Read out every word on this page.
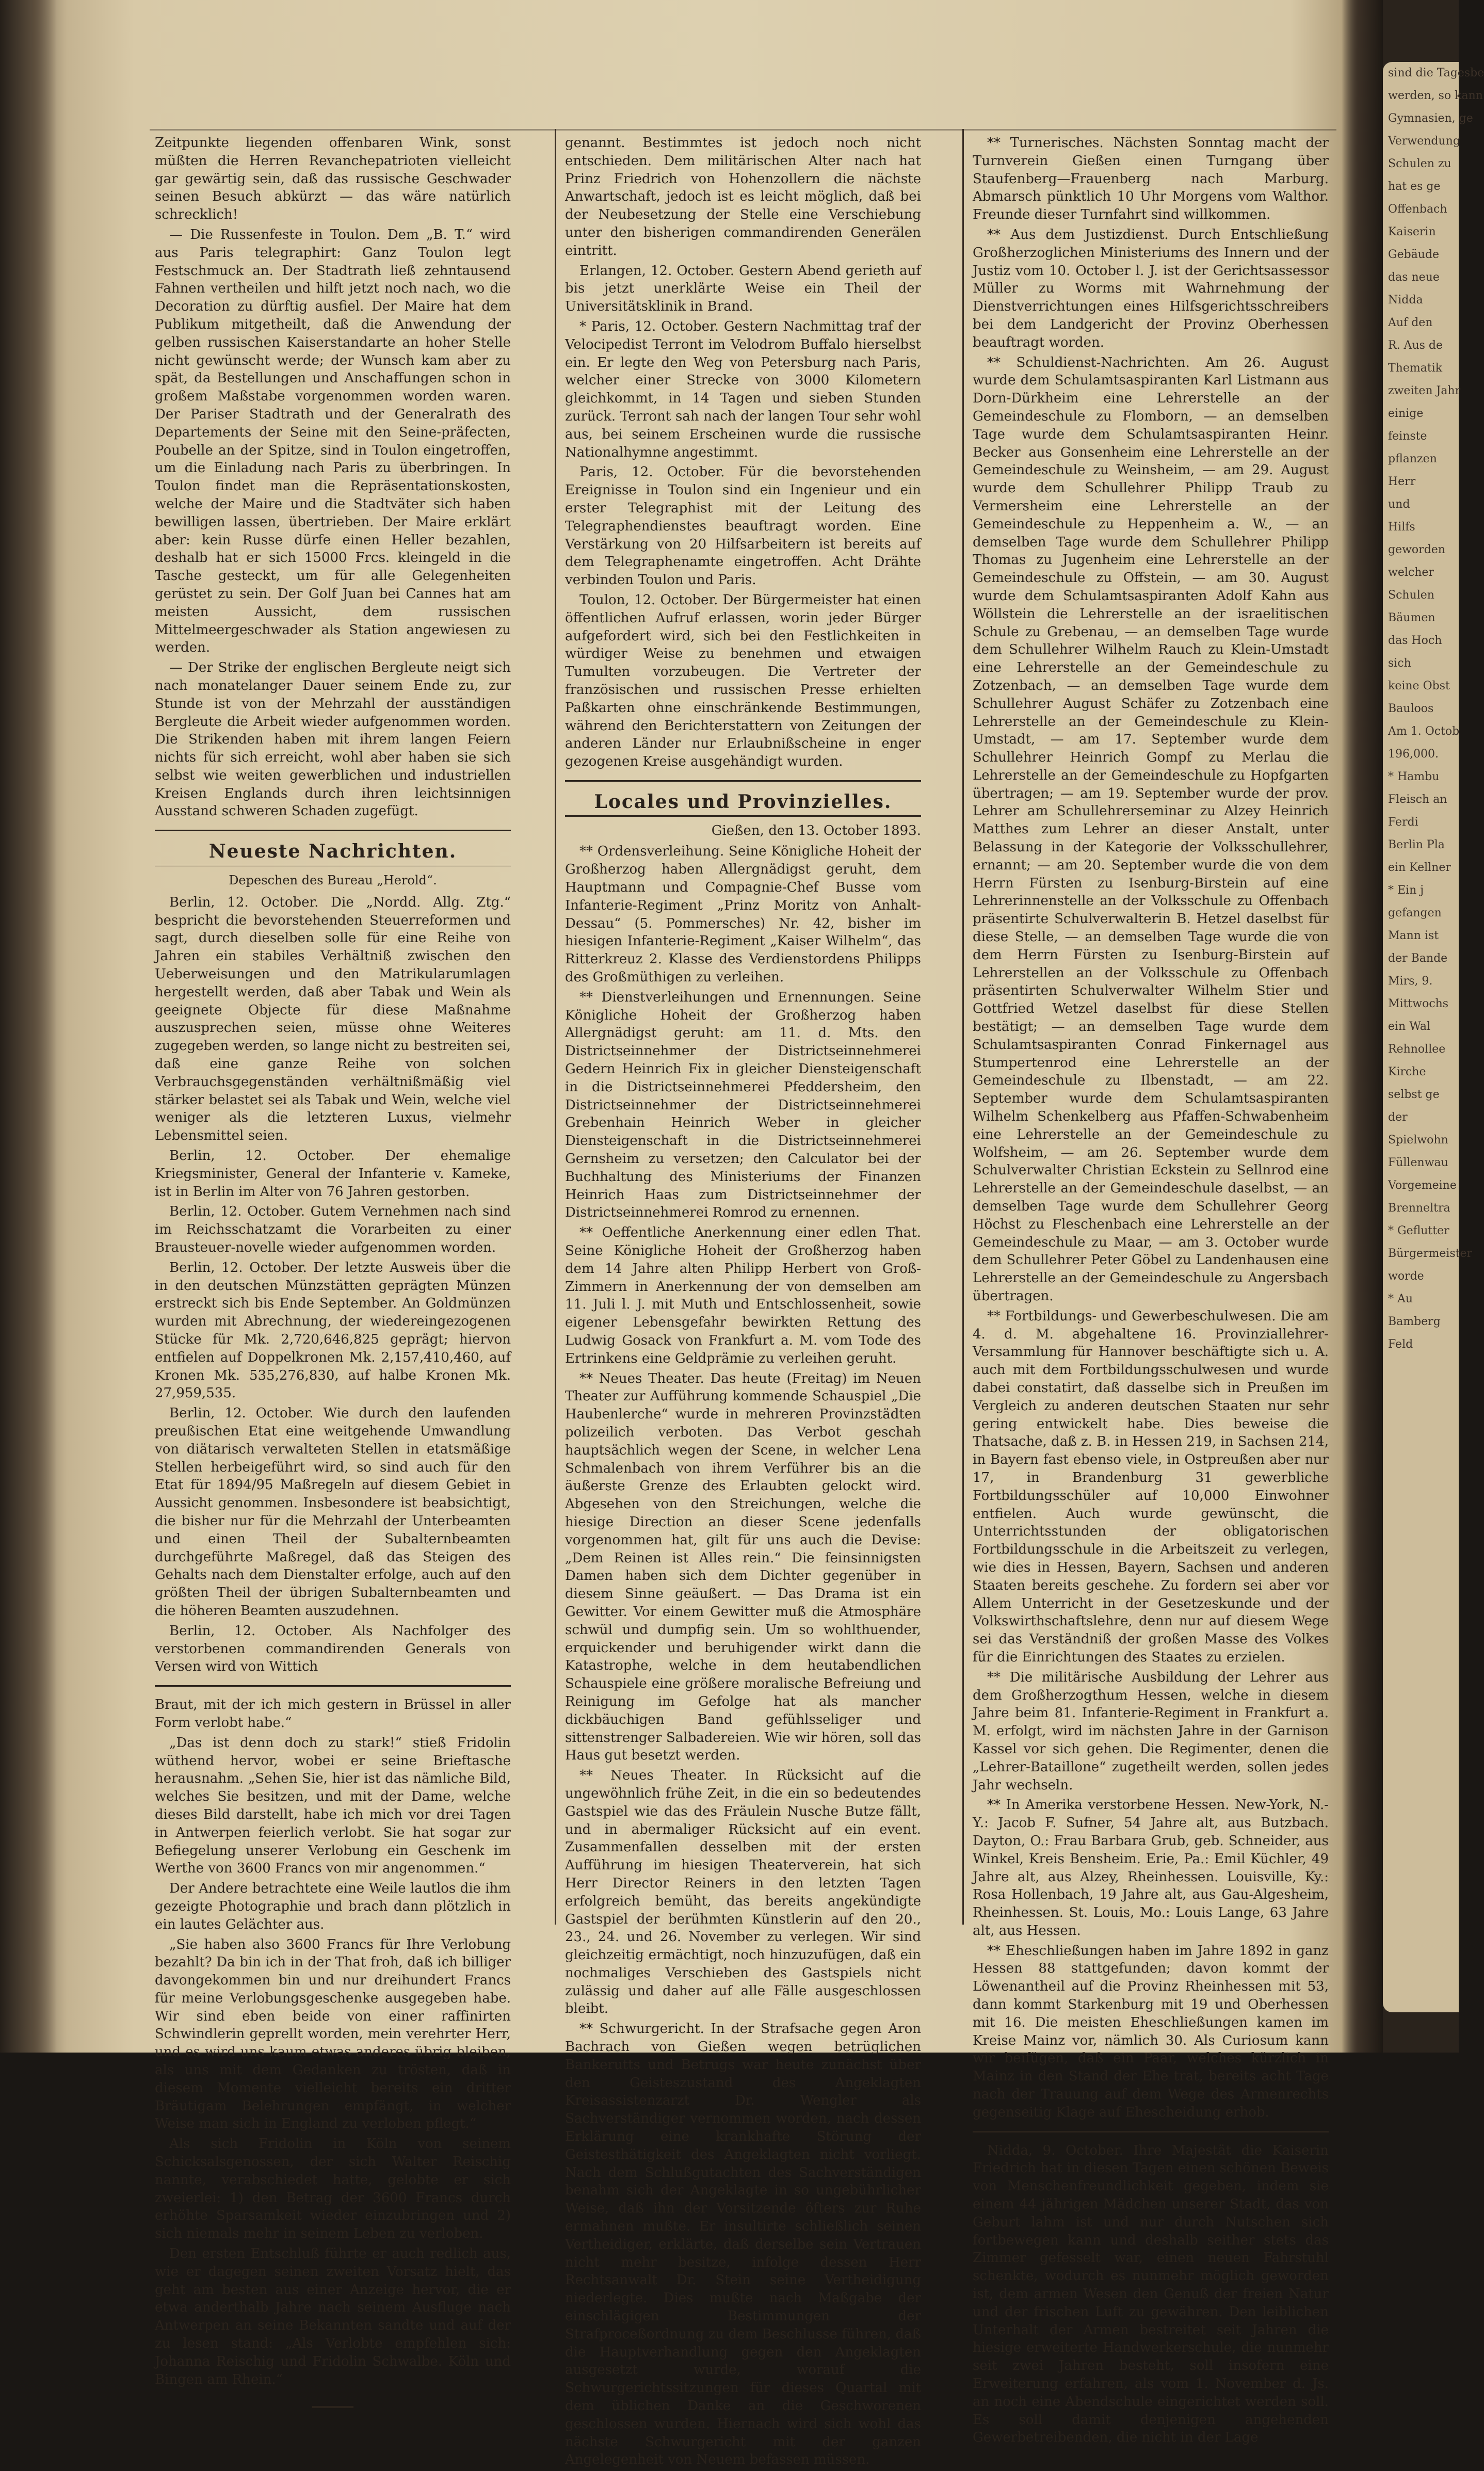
Zeitpunkte liegenden offenbaren Wink, sonst müßten die Herren Revanchepatrioten vielleicht gar gewärtig sein, daß das russische Geschwader seinen Besuch abkürzt — das wäre natürlich schrecklich!

— Die Russenfeste in Toulon. Dem „B. T.“ wird aus Paris telegraphirt: Ganz Toulon legt Festschmuck an. Der Stadtrath ließ zehntausend Fahnen vertheilen und hilft jetzt noch nach, wo die Decoration zu dürftig ausfiel. Der Maire hat dem Publikum mitgetheilt, daß die Anwendung der gelben russischen Kaiserstandarte an hoher Stelle nicht gewünscht werde; der Wunsch kam aber zu spät, da Bestellungen und Anschaffungen schon in großem Maßstabe vorgenommen worden waren. Der Pariser Stadtrath und der Generalrath des Departements der Seine mit den Seine-präfecten, Poubelle an der Spitze, sind in Toulon eingetroffen, um die Einladung nach Paris zu überbringen. In Toulon findet man die Repräsentationskosten, welche der Maire und die Stadtväter sich haben bewilligen lassen, übertrieben. Der Maire erklärt aber: kein Russe dürfe einen Heller bezahlen, deshalb hat er sich 15000 Frcs. kleingeld in die Tasche gesteckt, um für alle Gelegenheiten gerüstet zu sein. Der Golf Juan bei Cannes hat am meisten Aussicht, dem russischen Mittelmeergeschwader als Station angewiesen zu werden.

— Der Strike der englischen Bergleute neigt sich nach monatelanger Dauer seinem Ende zu, zur Stunde ist von der Mehrzahl der ausständigen Bergleute die Arbeit wieder aufgenommen worden. Die Strikenden haben mit ihrem langen Feiern nichts für sich erreicht, wohl aber haben sie sich selbst wie weiten gewerblichen und industriellen Kreisen Englands durch ihren leichtsinnigen Ausstand schweren Schaden zugefügt.

Neueste Nachrichten.
Depeschen des Bureau „Herold“.

Berlin, 12. October. Die „Nordd. Allg. Ztg.“ bespricht die bevorstehenden Steuerreformen und sagt, durch dieselben solle für eine Reihe von Jahren ein stabiles Verhältniß zwischen den Ueberweisungen und den Matrikularumlagen hergestellt werden, daß aber Tabak und Wein als geeignete Objecte für diese Maßnahme auszusprechen seien, müsse ohne Weiteres zugegeben werden, so lange nicht zu bestreiten sei, daß eine ganze Reihe von solchen Verbrauchsgegenständen verhältnißmäßig viel stärker belastet sei als Tabak und Wein, welche viel weniger als die letzteren Luxus, vielmehr Lebensmittel seien.

Berlin, 12. October. Der ehemalige Kriegsminister, General der Infanterie v. Kameke, ist in Berlin im Alter von 76 Jahren gestorben.

Berlin, 12. October. Gutem Vernehmen nach sind im Reichsschatzamt die Vorarbeiten zu einer Brausteuer-novelle wieder aufgenommen worden.

Berlin, 12. October. Der letzte Ausweis über die in den deutschen Münzstätten geprägten Münzen erstreckt sich bis Ende September. An Goldmünzen wurden mit Abrechnung, der wiedereingezogenen Stücke für Mk. 2,720,646,825 geprägt; hiervon entfielen auf Doppelkronen Mk. 2,157,410,460, auf Kronen Mk. 535,276,830, auf halbe Kronen Mk. 27,959,535.

Berlin, 12. October. Wie durch den laufenden preußischen Etat eine weitgehende Umwandlung von diätarisch verwalteten Stellen in etatsmäßige Stellen herbeigeführt wird, so sind auch für den Etat für 1894/95 Maßregeln auf diesem Gebiet in Aussicht genommen. Insbesondere ist beabsichtigt, die bisher nur für die Mehrzahl der Unterbeamten und einen Theil der Subalternbeamten durchgeführte Maßregel, daß das Steigen des Gehalts nach dem Dienstalter erfolge, auch auf den größten Theil der übrigen Subalternbeamten und die höheren Beamten auszudehnen.

Berlin, 12. October. Als Nachfolger des verstorbenen commandirenden Generals von Versen wird von Wittich

Braut, mit der ich mich gestern in Brüssel in aller Form verlobt habe.“

„Das ist denn doch zu stark!“ stieß Fridolin wüthend hervor, wobei er seine Brieftasche herausnahm. „Sehen Sie, hier ist das nämliche Bild, welches Sie besitzen, und mit der Dame, welche dieses Bild darstellt, habe ich mich vor drei Tagen in Antwerpen feierlich verlobt. Sie hat sogar zur Befiegelung unserer Verlobung ein Geschenk im Werthe von 3600 Francs von mir angenommen.“

Der Andere betrachtete eine Weile lautlos die ihm gezeigte Photographie und brach dann plötzlich in ein lautes Gelächter aus.

„Sie haben also 3600 Francs für Ihre Verlobung bezahlt? Da bin ich in der That froh, daß ich billiger davongekommen bin und nur dreihundert Francs für meine Verlobungsgeschenke ausgegeben habe. Wir sind eben beide von einer raffinirten Schwindlerin geprellt worden, mein verehrter Herr, und es wird uns kaum etwas anderes übrig bleiben, als uns mit dem Gedanken zu trösten, daß in diesem Momente vielleicht bereits ein dritter Bräutigam Belehrungen empfängt, in welcher Weise man sich in England zu verloben pflegt.“

Als sich Fridolin in Köln von seinem Schicksalsgenossen, der sich Walter Reischig nannte, verabschiedet hatte, gelobte er sich zweierlei: 1) den Betrag der 3600 Francs durch erhöhte Sparsamkeit wieder einzubringen und 2) sich niemals mehr in seinem Leben zu verloben.

Den ersten Entschluß führte er auch redlich aus, wie er dagegen seinen zweiten Vorsatz hielt, das geht am besten aus einer Anzeige hervor, die er etwa anderthalb Jahre nach seinem Ausfluge nach Antwerpen an seine Bekannten sandte und auf der zu lesen stand: „Als Verlobte empfehlen sich: Johanna Reischig und Fridolin Schwalbe. Köln und Bingen am Rhein.“

genannt. Bestimmtes ist jedoch noch nicht entschieden. Dem militärischen Alter nach hat Prinz Friedrich von Hohenzollern die nächste Anwartschaft, jedoch ist es leicht möglich, daß bei der Neubesetzung der Stelle eine Verschiebung unter den bisherigen commandirenden Generälen eintritt.

Erlangen, 12. October. Gestern Abend gerieth auf bis jetzt unerklärte Weise ein Theil der Universitätsklinik in Brand.

* Paris, 12. October. Gestern Nachmittag traf der Velocipedist Terront im Velodrom Buffalo hierselbst ein. Er legte den Weg von Petersburg nach Paris, welcher einer Strecke von 3000 Kilometern gleichkommt, in 14 Tagen und sieben Stunden zurück. Terront sah nach der langen Tour sehr wohl aus, bei seinem Erscheinen wurde die russische Nationalhymne angestimmt.

Paris, 12. October. Für die bevorstehenden Ereignisse in Toulon sind ein Ingenieur und ein erster Telegraphist mit der Leitung des Telegraphendienstes beauftragt worden. Eine Verstärkung von 20 Hilfsarbeitern ist bereits auf dem Telegraphenamte eingetroffen. Acht Drähte verbinden Toulon und Paris.

Toulon, 12. October. Der Bürgermeister hat einen öffentlichen Aufruf erlassen, worin jeder Bürger aufgefordert wird, sich bei den Festlichkeiten in würdiger Weise zu benehmen und etwaigen Tumulten vorzubeugen. Die Vertreter der französischen und russischen Presse erhielten Paßkarten ohne einschränkende Bestimmungen, während den Berichterstattern von Zeitungen der anderen Länder nur Erlaubnißscheine in enger gezogenen Kreise ausgehändigt wurden.

Locales und Provinzielles.
Gießen, den 13. October 1893.

** Ordensverleihung. Seine Königliche Hoheit der Großherzog haben Allergnädigst geruht, dem Hauptmann und Compagnie-Chef Busse vom Infanterie-Regiment „Prinz Moritz von Anhalt-Dessau“ (5. Pommersches) Nr. 42, bisher im hiesigen Infanterie-Regiment „Kaiser Wilhelm“, das Ritterkreuz 2. Klasse des Verdienstordens Philipps des Großmüthigen zu verleihen.

** Dienstverleihungen und Ernennungen. Seine Königliche Hoheit der Großherzog haben Allergnädigst geruht: am 11. d. Mts. den Districtseinnehmer der Districtseinnehmerei Gedern Heinrich Fix in gleicher Diensteigenschaft in die Districtseinnehmerei Pfeddersheim, den Districtseinnehmer der Districtseinnehmerei Grebenhain Heinrich Weber in gleicher Diensteigenschaft in die Districtseinnehmerei Gernsheim zu versetzen; den Calculator bei der Buchhaltung des Ministeriums der Finanzen Heinrich Haas zum Districtseinnehmer der Districtseinnehmerei Romrod zu ernennen.

** Oeffentliche Anerkennung einer edlen That. Seine Königliche Hoheit der Großherzog haben dem 14 Jahre alten Philipp Herbert von Groß-Zimmern in Anerkennung der von demselben am 11. Juli l. J. mit Muth und Entschlossenheit, sowie eigener Lebensgefahr bewirkten Rettung des Ludwig Gosack von Frankfurt a. M. vom Tode des Ertrinkens eine Geldprämie zu verleihen geruht.

** Neues Theater. Das heute (Freitag) im Neuen Theater zur Aufführung kommende Schauspiel „Die Haubenlerche“ wurde in mehreren Provinzstädten polizeilich verboten. Das Verbot geschah hauptsächlich wegen der Scene, in welcher Lena Schmalenbach von ihrem Verführer bis an die äußerste Grenze des Erlaubten gelockt wird. Abgesehen von den Streichungen, welche die hiesige Direction an dieser Scene jedenfalls vorgenommen hat, gilt für uns auch die Devise: „Dem Reinen ist Alles rein.“ Die feinsinnigsten Damen haben sich dem Dichter gegenüber in diesem Sinne geäußert. — Das Drama ist ein Gewitter. Vor einem Gewitter muß die Atmosphäre schwül und dumpfig sein. Um so wohlthuender, erquickender und beruhigender wirkt dann die Katastrophe, welche in dem heutabendlichen Schauspiele eine größere moralische Befreiung und Reinigung im Gefolge hat als mancher dickbäuchigen Band gefühlsseliger und sittenstrenger Salbadereien. Wie wir hören, soll das Haus gut besetzt werden.

** Neues Theater. In Rücksicht auf die ungewöhnlich frühe Zeit, in die ein so bedeutendes Gastspiel wie das des Fräulein Nusche Butze fällt, und in abermaliger Rücksicht auf ein event. Zusammenfallen desselben mit der ersten Aufführung im hiesigen Theaterverein, hat sich Herr Director Reiners in den letzten Tagen erfolgreich bemüht, das bereits angekündigte Gastspiel der berühmten Künstlerin auf den 20., 23., 24. und 26. November zu verlegen. Wir sind gleichzeitig ermächtigt, noch hinzuzufügen, daß ein nochmaliges Verschieben des Gastspiels nicht zulässig und daher auf alle Fälle ausgeschlossen bleibt.

** Schwurgericht. In der Strafsache gegen Aron Bachrach von Gießen wegen betrüglichen Bankerutts und Betrugs war heute zunächst über den Geisteszustand des Angeklagten Kreisassistenzarzt Dr. Wengler als Sachverständiger vernommen worden, nach dessen Erklärung eine krankhafte Störung der Geistesthätigkeit des Angeklagten nicht vorliegt. Nach dem Schlußgutachten des Sachverständigen benahm sich der Angeklagte in so ungebührlicher Weise, daß ihn der Vorsitzende öfters zur Ruhe ermahnen mußte. Er insultirte schließlich seinen Vertheidiger, erklärte, daß derselbe sein Vertrauen nicht mehr besitze, infolge dessen Herr Rechtsanwalt Dr. Stein seine Vertheidigung niederlegte. Dies mußte nach Maßgabe der einschlägigen Bestimmungen der Strafproceßordnung zu dem Beschlusse führen, daß die Hauptverhandlung gegen den Angeklagten ausgesetzt wurde, worauf die Schwurgerichtssitzungen für dieses Quartal mit dem üblichen Danke an die Geschworenen geschlossen wurden. Hiernach wird sich wohl das nächste Schwurgericht mit der ganzen Angelegenheit von Neuem befassen müssen.

** Turnerisches. Nächsten Sonntag macht der Turnverein Gießen einen Turngang über Staufenberg—Frauenberg nach Marburg. Abmarsch pünktlich 10 Uhr Morgens vom Walthor. Freunde dieser Turnfahrt sind willkommen.

** Aus dem Justizdienst. Durch Entschließung Großherzoglichen Ministeriums des Innern und der Justiz vom 10. October l. J. ist der Gerichtsassessor Müller zu Worms mit Wahrnehmung der Dienstverrichtungen eines Hilfsgerichtsschreibers bei dem Landgericht der Provinz Oberhessen beauftragt worden.

** Schuldienst-Nachrichten. Am 26. August wurde dem Schulamtsaspiranten Karl Listmann aus Dorn-Dürkheim eine Lehrerstelle an der Gemeindeschule zu Flomborn, — an demselben Tage wurde dem Schulamtsaspiranten Heinr. Becker aus Gonsenheim eine Lehrerstelle an der Gemeindeschule zu Weinsheim, — am 29. August wurde dem Schullehrer Philipp Traub zu Vermersheim eine Lehrerstelle an der Gemeindeschule zu Heppenheim a. W., — an demselben Tage wurde dem Schullehrer Philipp Thomas zu Jugenheim eine Lehrerstelle an der Gemeindeschule zu Offstein, — am 30. August wurde dem Schulamtsaspiranten Adolf Kahn aus Wöllstein die Lehrerstelle an der israelitischen Schule zu Grebenau, — an demselben Tage wurde dem Schullehrer Wilhelm Rauch zu Klein-Umstadt eine Lehrerstelle an der Gemeindeschule zu Zotzenbach, — an demselben Tage wurde dem Schullehrer August Schäfer zu Zotzenbach eine Lehrerstelle an der Gemeindeschule zu Klein-Umstadt, — am 17. September wurde dem Schullehrer Heinrich Gompf zu Merlau die Lehrerstelle an der Gemeindeschule zu Hopfgarten übertragen; — am 19. September wurde der prov. Lehrer am Schullehrerseminar zu Alzey Heinrich Matthes zum Lehrer an dieser Anstalt, unter Belassung in der Kategorie der Volksschullehrer, ernannt; — am 20. September wurde die von dem Herrn Fürsten zu Isenburg-Birstein auf eine Lehrerinnenstelle an der Volksschule zu Offenbach präsentirte Schulverwalterin B. Hetzel daselbst für diese Stelle, — an demselben Tage wurde die von dem Herrn Fürsten zu Isenburg-Birstein auf Lehrerstellen an der Volksschule zu Offenbach präsentirten Schulverwalter Wilhelm Stier und Gottfried Wetzel daselbst für diese Stellen bestätigt; — an demselben Tage wurde dem Schulamtsaspiranten Conrad Finkernagel aus Stumpertenrod eine Lehrerstelle an der Gemeindeschule zu Ilbenstadt, — am 22. September wurde dem Schulamtsaspiranten Wilhelm Schenkelberg aus Pfaffen-Schwabenheim eine Lehrerstelle an der Gemeindeschule zu Wolfsheim, — am 26. September wurde dem Schulverwalter Christian Eckstein zu Sellnrod eine Lehrerstelle an der Gemeindeschule daselbst, — an demselben Tage wurde dem Schullehrer Georg Höchst zu Fleschenbach eine Lehrerstelle an der Gemeindeschule zu Maar, — am 3. October wurde dem Schullehrer Peter Göbel zu Landenhausen eine Lehrerstelle an der Gemeindeschule zu Angersbach übertragen.

** Fortbildungs- und Gewerbeschulwesen. Die am 4. d. M. abgehaltene 16. Provinziallehrer-Versammlung für Hannover beschäftigte sich u. A. auch mit dem Fortbildungsschulwesen und wurde dabei constatirt, daß dasselbe sich in Preußen im Vergleich zu anderen deutschen Staaten nur sehr gering entwickelt habe. Dies beweise die Thatsache, daß z. B. in Hessen 219, in Sachsen 214, in Bayern fast ebenso viele, in Ostpreußen aber nur 17, in Brandenburg 31 gewerbliche Fortbildungsschüler auf 10,000 Einwohner entfielen. Auch wurde gewünscht, die Unterrichtsstunden der obligatorischen Fortbildungsschule in die Arbeitszeit zu verlegen, wie dies in Hessen, Bayern, Sachsen und anderen Staaten bereits geschehe. Zu fordern sei aber vor Allem Unterricht in der Gesetzeskunde und der Volkswirthschaftslehre, denn nur auf diesem Wege sei das Verständniß der großen Masse des Volkes für die Einrichtungen des Staates zu erzielen.

** Die militärische Ausbildung der Lehrer aus dem Großherzogthum Hessen, welche in diesem Jahre beim 81. Infanterie-Regiment in Frankfurt a. M. erfolgt, wird im nächsten Jahre in der Garnison Kassel vor sich gehen. Die Regimenter, denen die „Lehrer-Bataillone“ zugetheilt werden, sollen jedes Jahr wechseln.

** In Amerika verstorbene Hessen. New-York, N.-Y.: Jacob F. Sufner, 54 Jahre alt, aus Butzbach. Dayton, O.: Frau Barbara Grub, geb. Schneider, aus Winkel, Kreis Bensheim. Erie, Pa.: Emil Küchler, 49 Jahre alt, aus Alzey, Rheinhessen. Louisville, Ky.: Rosa Hollenbach, 19 Jahre alt, aus Gau-Algesheim, Rheinhessen. St. Louis, Mo.: Louis Lange, 63 Jahre alt, aus Hessen.

** Eheschließungen haben im Jahre 1892 in ganz Hessen 88 stattgefunden; davon kommt der Löwenantheil auf die Provinz Rheinhessen mit 53, dann kommt Starkenburg mit 19 und Oberhessen mit 16. Die meisten Eheschließungen kamen im Kreise Mainz vor, nämlich 30. Als Curiosum kann wir beifügen, daß ein Paar, welches kürzlich in Mainz in den Stand der Ehe trat, bereits acht Tage nach der Trauung auf dem Wege des Armenrechts gegenseitig Klage auf Ehescheidung erhob.

Nidda, 9. October. Ihre Majestät die Kaiserin Friedrich hat in diesen Tagen einen schönen Beweis von Menschenfreundlichkeit gegeben, indem sie einem 44 jährigen Mädchen unserer Stadt, das von Geburt lahm ist und nur durch Nutschen sich fortbewegen kann und deshalb seither stets das Zimmer gefesselt war, einen neuen Fahrstuhl schenkte, wodurch es nunmehr möglich geworden ist, dem armen Wesen den Genuß der freien Natur und der frischen Luft zu gewähren. Den leiblichen Unterhalt der Armen bestreitet seit Jahren die hiesige erweiterte Handwerkerschule, die nunmehr seit zwei Jahren besteht, soll insofern eine Erweiterung erfahren, als vom 1. November d. Js. an noch eine Abendschule eingerichtet werden soll. Es soll damit denjenigen angehenden Gewerbetreibenden, die nicht in der Lage

sind die Tagesbe
werden, so kann
Gymnasien, ge
Verwendung
Schulen zu
hat es ge
Offenbach
Kaiserin
Gebäude
das neue
Nidda
Auf den
R. Aus de
Thematik
zweiten Jahr
einige
feinste
pflanzen
Herr
und
Hilfs
geworden
welcher
Schulen
Bäumen
das Hoch
sich
keine Obst
Bauloos
Am 1. Octob
196,000.
* Hambu
Fleisch an
Ferdi
Berlin Pla
ein Kellner
* Ein j
gefangen
Mann ist
der Bande
Mirs, 9.
Mittwochs
ein Wal
Rehnollee
Kirche
selbst ge
der
Spielwohn
Füllenwau
Vorgemeine
Brenneltra
* Geflutter
Bürgermeister
worde
* Au
Bamberg
Feld
